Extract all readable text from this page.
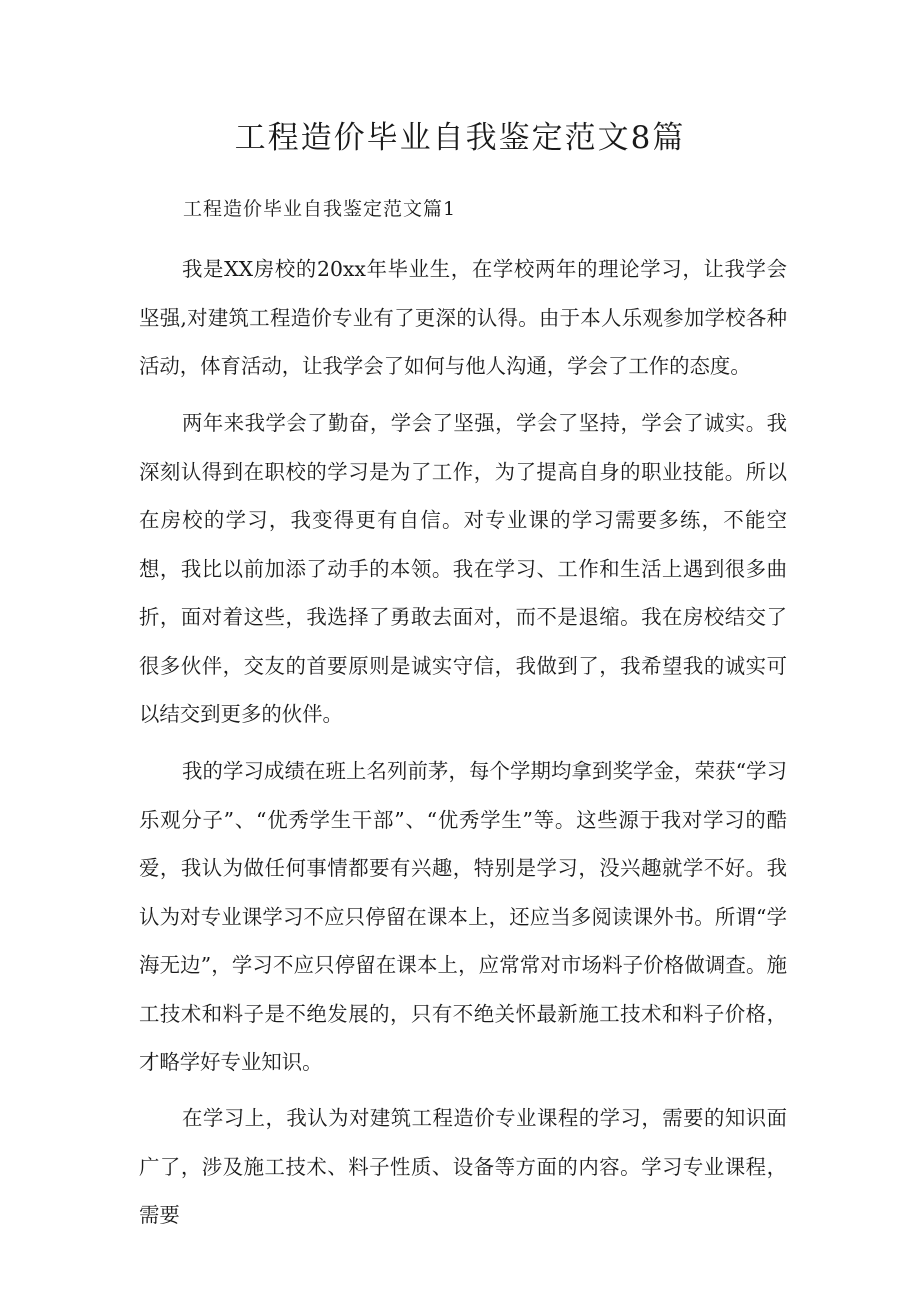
工程造价毕业自我鉴定范文8篇
工程造价毕业自我鉴定范文篇1

我是XX房校的20xx年毕业生，在学校两年的理论学习，让我学会坚强,对建筑工程造价专业有了更深的认得。由于本人乐观参加学校各种活动，体育活动，让我学会了如何与他人沟通，学会了工作的态度。

两年来我学会了勤奋，学会了坚强，学会了坚持，学会了诚实。我深刻认得到在职校的学习是为了工作，为了提高自身的职业技能。所以在房校的学习，我变得更有自信。对专业课的学习需要多练，不能空想，我比以前加添了动手的本领。我在学习、工作和生活上遇到很多曲折，面对着这些，我选择了勇敢去面对，而不是退缩。我在房校结交了很多伙伴，交友的首要原则是诚实守信，我做到了，我希望我的诚实可以结交到更多的伙伴。

我的学习成绩在班上名列前茅，每个学期均拿到奖学金，荣获“学习乐观分子”、“优秀学生干部”、“优秀学生”等。这些源于我对学习的酷爱，我认为做任何事情都要有兴趣，特别是学习，没兴趣就学不好。我认为对专业课学习不应只停留在课本上，还应当多阅读课外书。所谓“学海无边”，学习不应只停留在课本上，应常常对市场料子价格做调查。施工技术和料子是不绝发展的，只有不绝关怀最新施工技术和料子价格，才略学好专业知识。

在学习上，我认为对建筑工程造价专业课程的学习，需要的知识面广了，涉及施工技术、料子性质、设备等方面的内容。学习专业课程，需要
